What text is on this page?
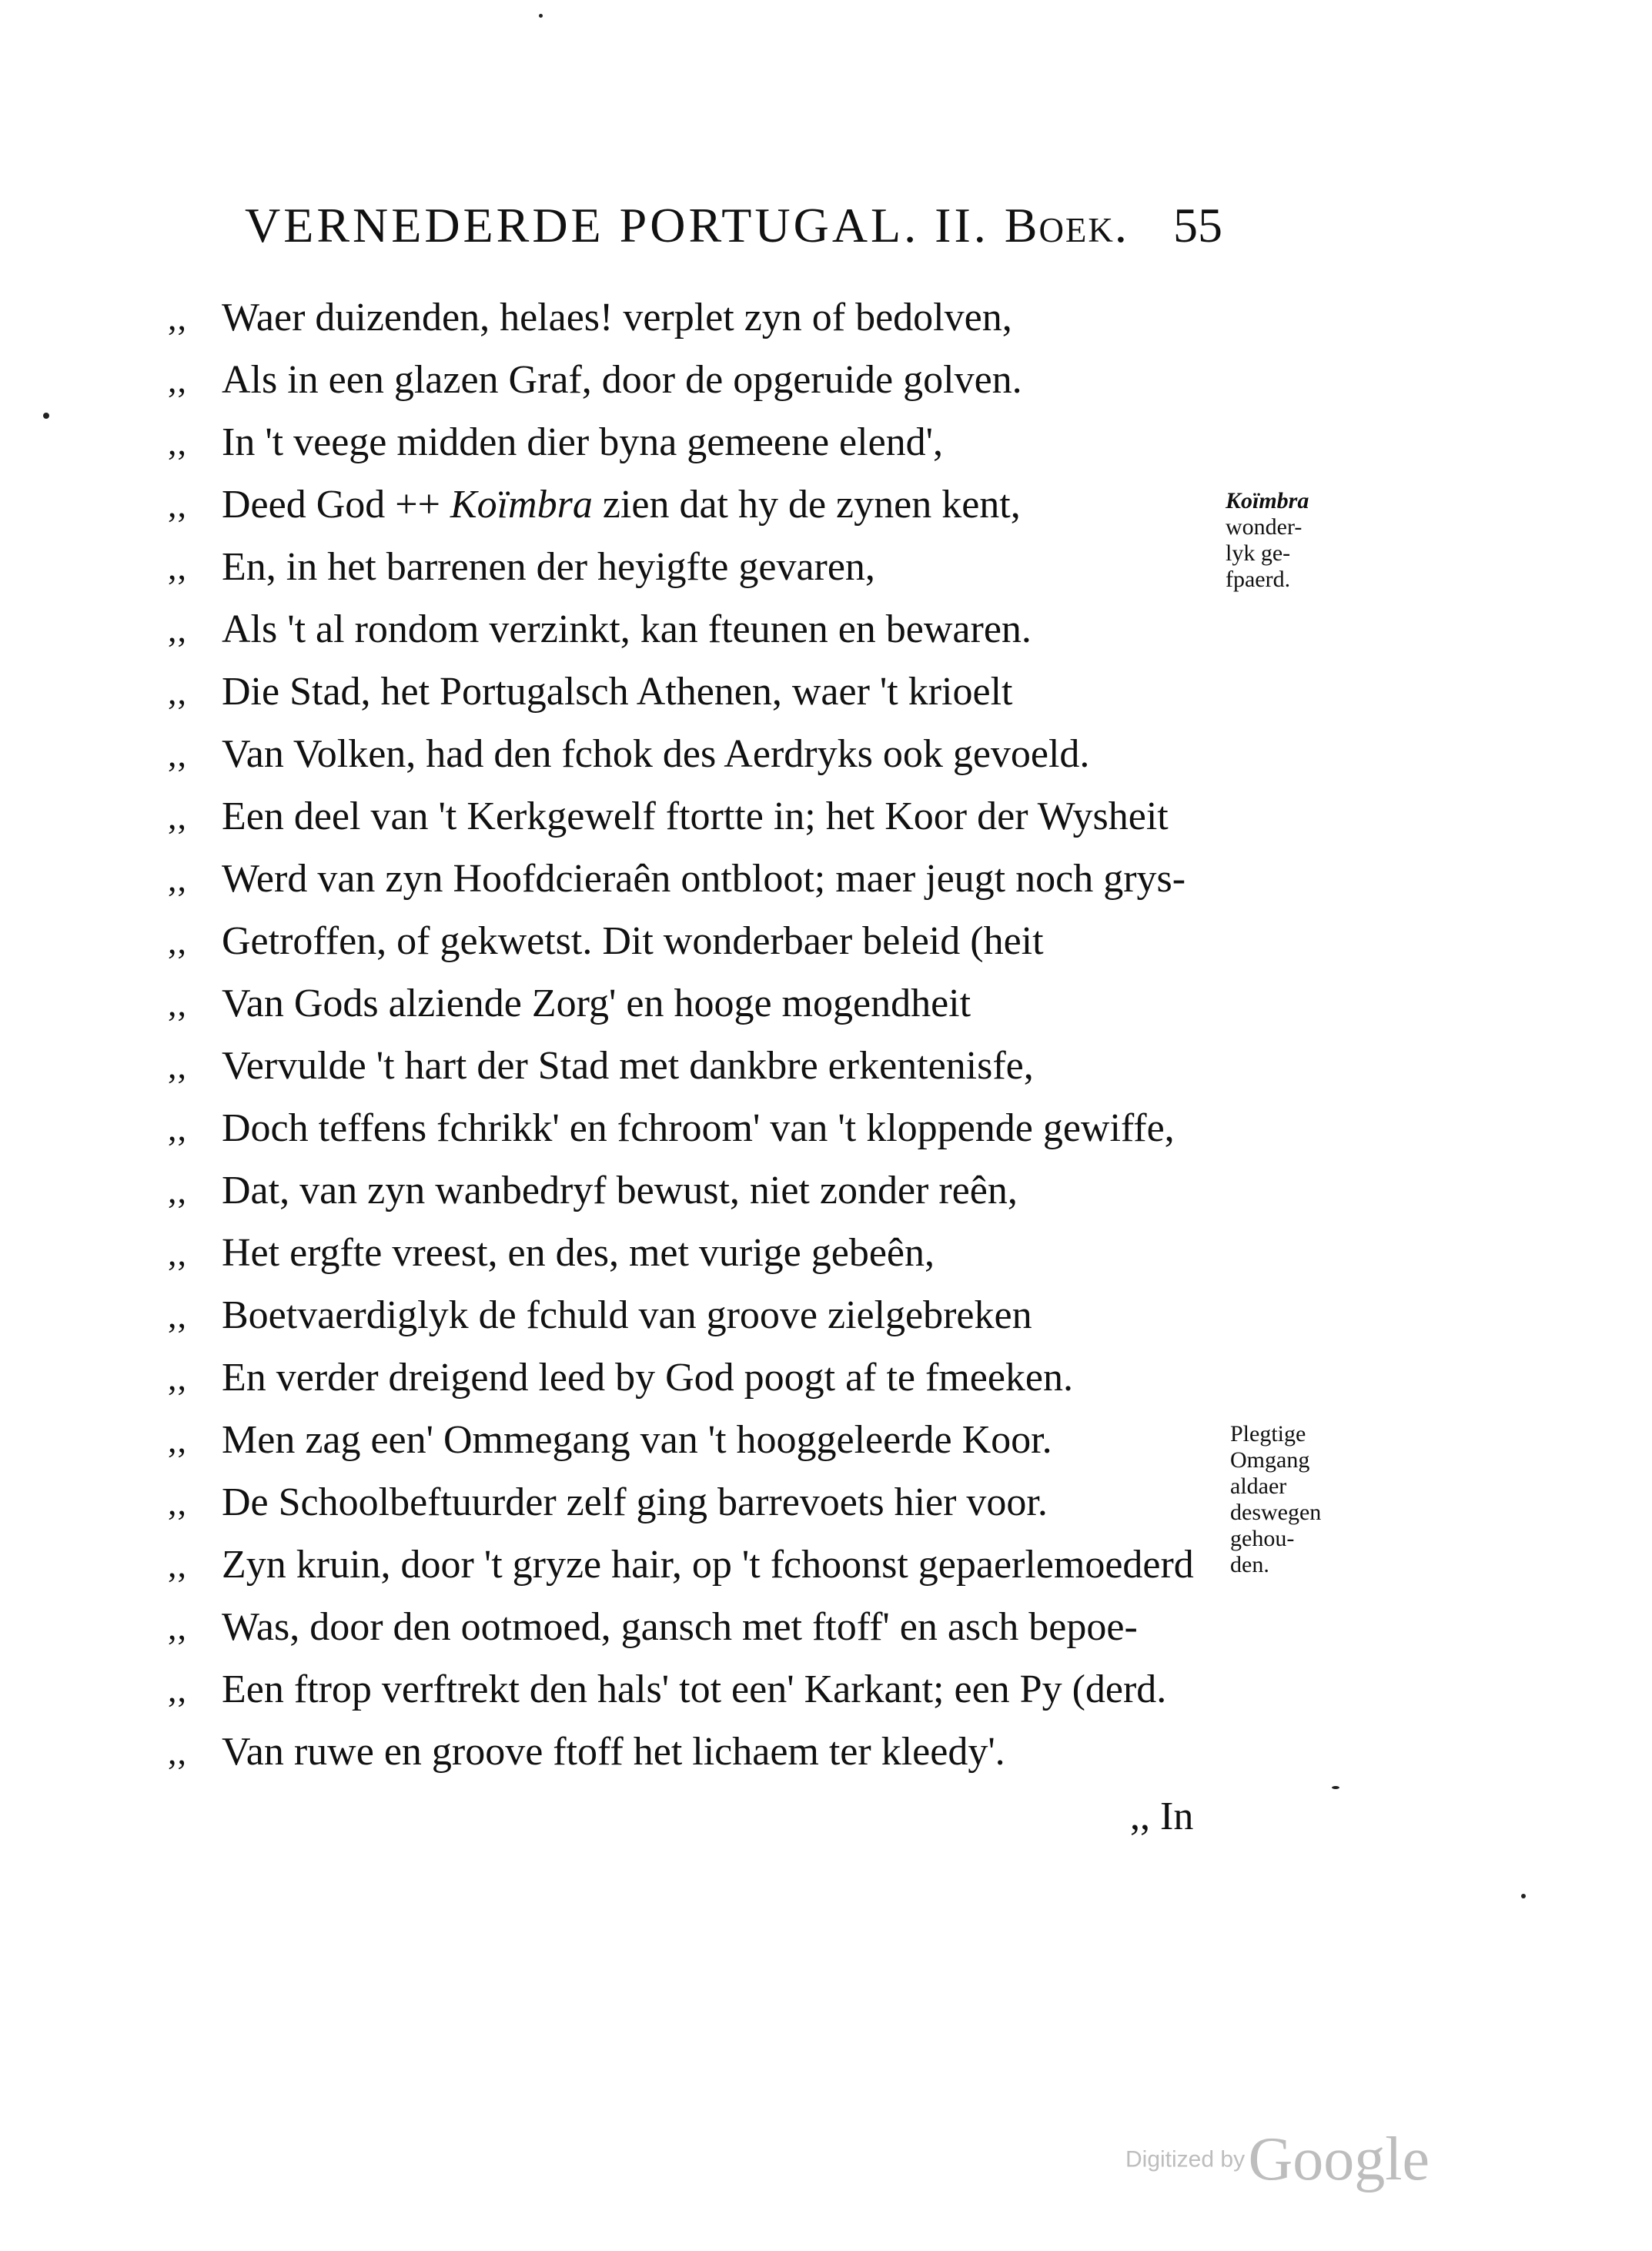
VERNEDERDE PORTUGAL. II. Boek. 55
,, Waer duizenden, helaes! verplet zyn of bedolven,
,, Als in een glazen Graf, door de opgeruide golven.
,, In 't veege midden dier byna gemeene elend',
,, Deed God ++ Koïmbra zien dat hy de zynen kent,
,, En, in het barrenen der heyigfte gevaren,
,, Als 't al rondom verzinkt, kan fteunen en bewaren.
,, Die Stad, het Portugalsch Athenen, waer 't krioelt
,, Van Volken, had den fchok des Aerdryks ook gevoeld.
,, Een deel van 't Kerkgewelf ftortte in; het Koor der Wysheit
,, Werd van zyn Hoofdcieraên ontbloot; maer jeugt noch grys-
,, Getroffen, of gekwetst. Dit wonderbaer beleid (heit
,, Van Gods alziende Zorg' en hooge mogendheit
,, Vervulde 't hart der Stad met dankbre erkentenisfe,
,, Doch teffens fchrikk' en fchroom' van 't kloppende gewiffe,
,, Dat, van zyn wanbedryf bewust, niet zonder reên,
,, Het ergfte vreest, en des, met vurige gebeên,
,, Boetvaerdiglyk de fchuld van groove zielgebreken
,, En verder dreigend leed by God poogt af te fmeeken.
,, Men zag een' Ommegang van 't hooggeleerde Koor.
,, De Schoolbeftuurder zelf ging barrevoets hier voor.
,, Zyn kruin, door 't gryze hair, op 't fchoonst gepaerlemoederd
,, Was, door den ootmoed, gansch met ftoff' en asch bepoe-
,, Een ftrop verftrekt den hals' tot een' Karkant; een Py (derd.
,, Van ruwe en groove ftoff het lichaem ter kleedy'.
,, In
Koïmbra
wonder-
lyk ge-
fpaerd.
Plegtige
Omgang
aldaer
deswegen
gehou-
den.
Digitized by Google
